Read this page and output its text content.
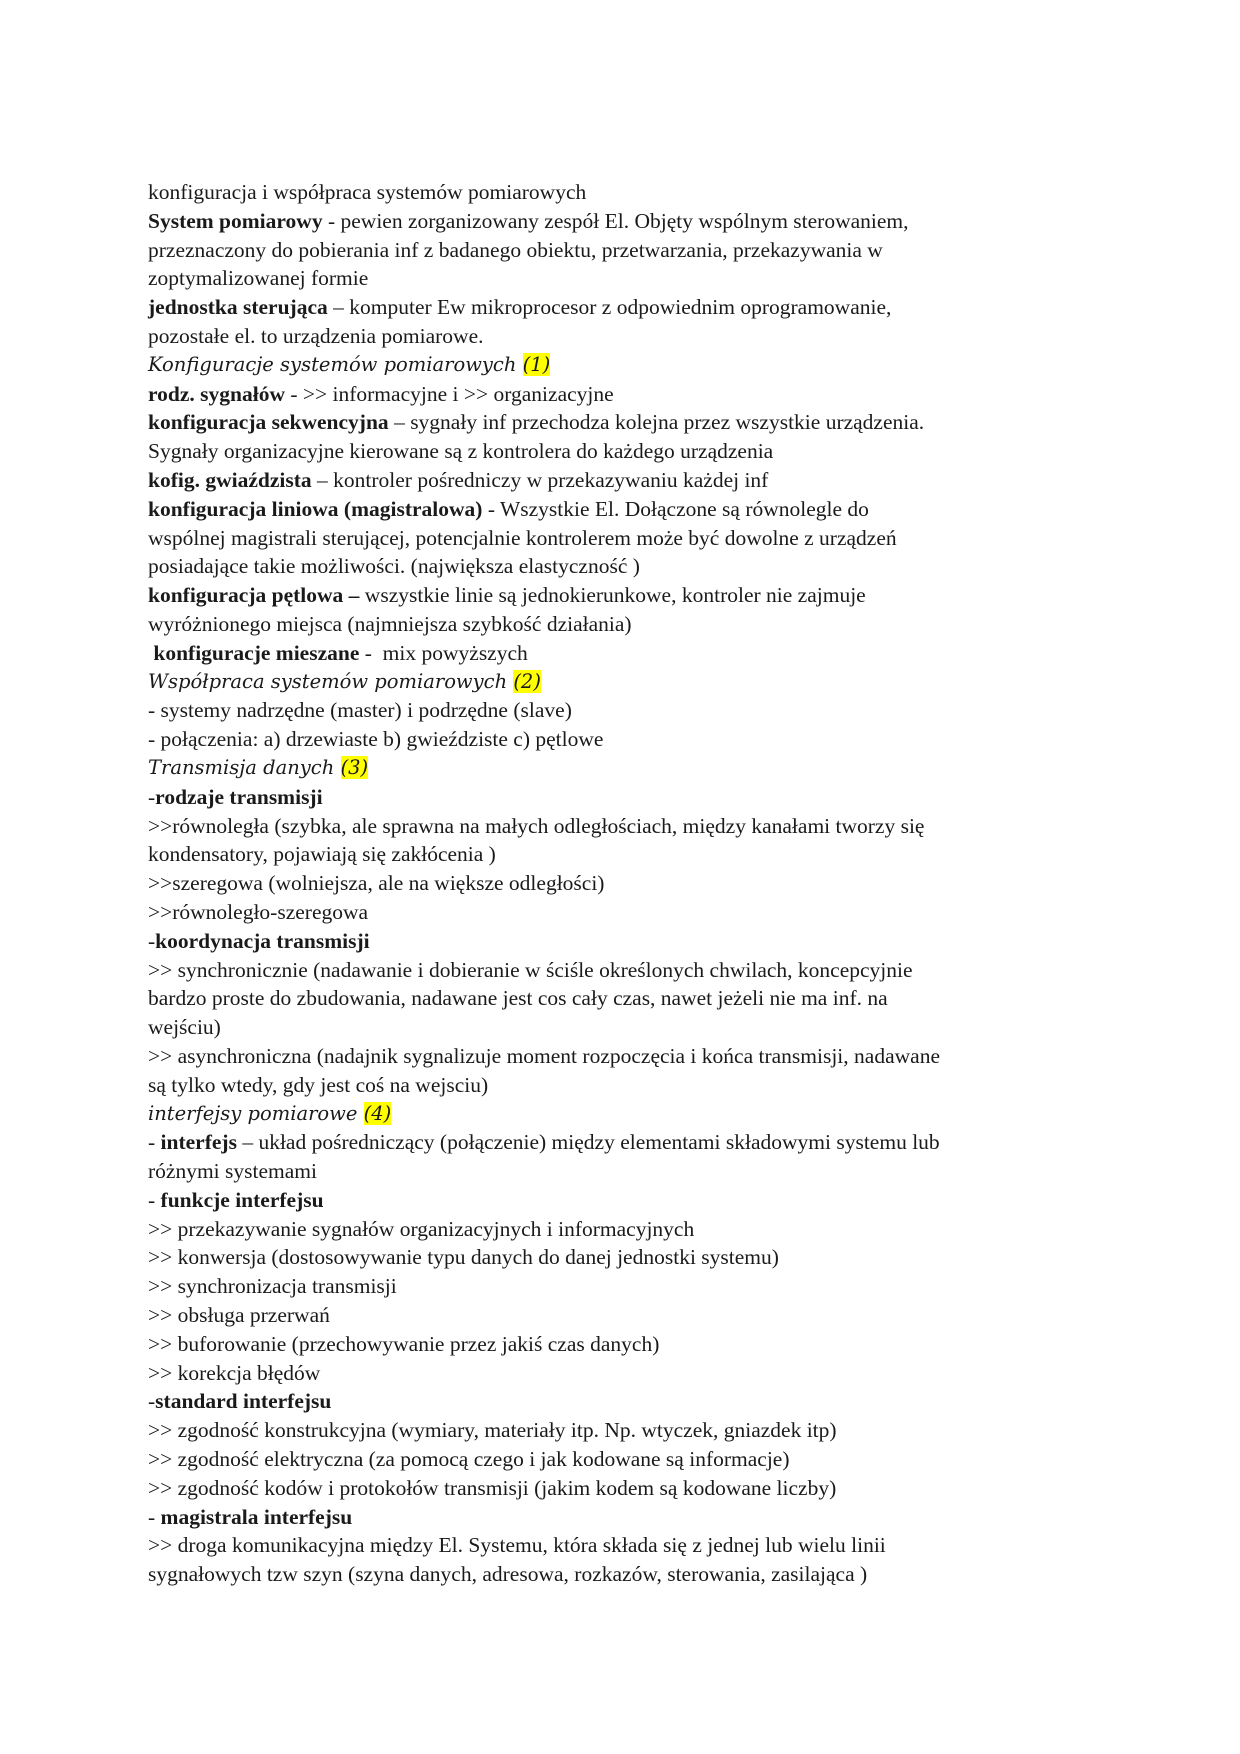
konfiguracja i współpraca systemów pomiarowych

System pomiarowy - pewien zorganizowany zespół El. Objęty wspólnym sterowaniem,

przeznaczony do pobierania inf z badanego obiektu, przetwarzania, przekazywania w

zoptymalizowanej formie

jednostka sterująca – komputer Ew mikroprocesor z odpowiednim oprogramowanie,

pozostałe el. to urządzenia pomiarowe.

Konfiguracje systemów pomiarowych (1)

rodz. sygnałów - >> informacyjne i >> organizacyjne

konfiguracja sekwencyjna – sygnały inf przechodza kolejna przez wszystkie urządzenia.

Sygnały organizacyjne kierowane są z kontrolera do każdego urządzenia

kofig. gwiaździsta – kontroler pośredniczy w przekazywaniu każdej inf

konfiguracja liniowa (magistralowa) - Wszystkie El. Dołączone są równolegle do

wspólnej magistrali sterującej, potencjalnie kontrolerem może być dowolne z urządzeń

posiadające takie możliwości. (największa elastyczność )

konfiguracja pętlowa – wszystkie linie są jednokierunkowe, kontroler nie zajmuje

wyróżnionego miejsca (najmniejsza szybkość działania)

konfiguracje mieszane -  mix powyższych

Współpraca systemów pomiarowych (2)

- systemy nadrzędne (master) i podrzędne (slave)

- połączenia: a) drzewiaste b) gwieździste c) pętlowe

Transmisja danych (3)

-rodzaje transmisji

>>równoległa (szybka, ale sprawna na małych odległościach, między kanałami tworzy się

kondensatory, pojawiają się zakłócenia )

>>szeregowa (wolniejsza, ale na większe odległości)

>>równoległo-szeregowa

-koordynacja transmisji

>> synchronicznie (nadawanie i dobieranie w ściśle określonych chwilach, koncepcyjnie

bardzo proste do zbudowania, nadawane jest cos cały czas, nawet jeżeli nie ma inf. na

wejściu)

>> asynchroniczna (nadajnik sygnalizuje moment rozpoczęcia i końca transmisji, nadawane

są tylko wtedy, gdy jest coś na wejsciu)

interfejsy pomiarowe (4)

- interfejs – układ pośredniczący (połączenie) między elementami składowymi systemu lub

różnymi systemami

- funkcje interfejsu

>> przekazywanie sygnałów organizacyjnych i informacyjnych

>> konwersja (dostosowywanie typu danych do danej jednostki systemu)

>> synchronizacja transmisji

>> obsługa przerwań

>> buforowanie (przechowywanie przez jakiś czas danych)

>> korekcja błędów

-standard interfejsu

>> zgodność konstrukcyjna (wymiary, materiały itp. Np. wtyczek, gniazdek itp)

>> zgodność elektryczna (za pomocą czego i jak kodowane są informacje)

>> zgodność kodów i protokołów transmisji (jakim kodem są kodowane liczby)

- magistrala interfejsu

>> droga komunikacyjna między El. Systemu, która składa się z jednej lub wielu linii

sygnałowych tzw szyn (szyna danych, adresowa, rozkazów, sterowania, zasilająca )
